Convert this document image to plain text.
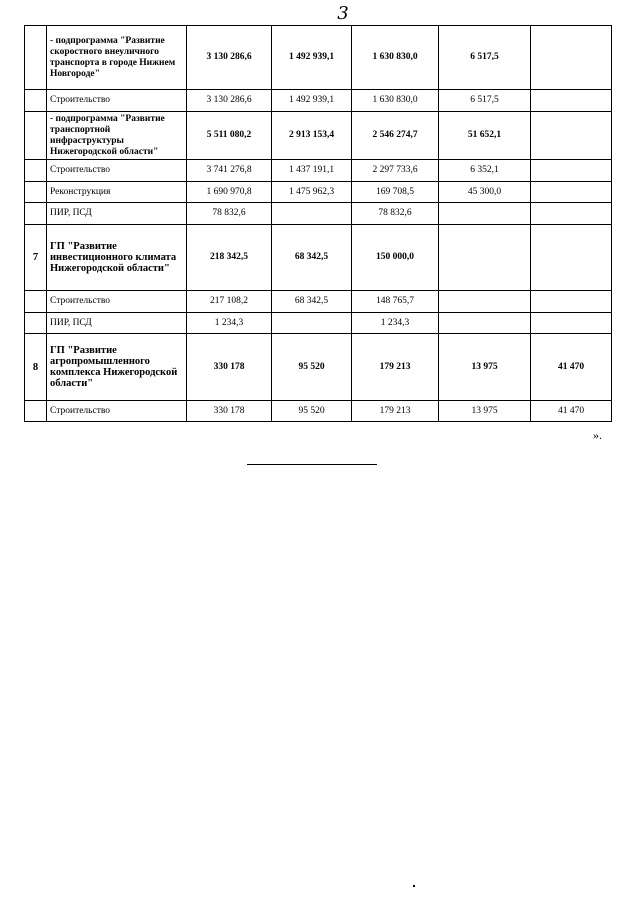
3
	- подпрограмма "Развитие скоростного внеуличного транспорта в городе Нижнем Новгороде"	3 130 286,6	1 492 939,1	1 630 830,0	6 517,5	
	Строительство	3 130 286,6	1 492 939,1	1 630 830,0	6 517,5	
	- подпрограмма "Развитие транспортной инфраструктуры Нижегородской области"	5 511 080,2	2 913 153,4	2 546 274,7	51 652,1	
	Строительство	3 741 276,8	1 437 191,1	2 297 733,6	6 352,1	
	Реконструкция	1 690 970,8	1 475 962,3	169 708,5	45 300,0	
	ПИР, ПСД	78 832,6		78 832,6		
7	ГП "Развитие инвестиционного климата Нижегородской области"	218 342,5	68 342,5	150 000,0		
	Строительство	217 108,2	68 342,5	148 765,7		
	ПИР, ПСД	1 234,3		1 234,3		
8	ГП "Развитие агропромышленного комплекса Нижегородской области"	330 178	95 520	179 213	13 975	41 470
	Строительство	330 178	95 520	179 213	13 975	41 470
».
